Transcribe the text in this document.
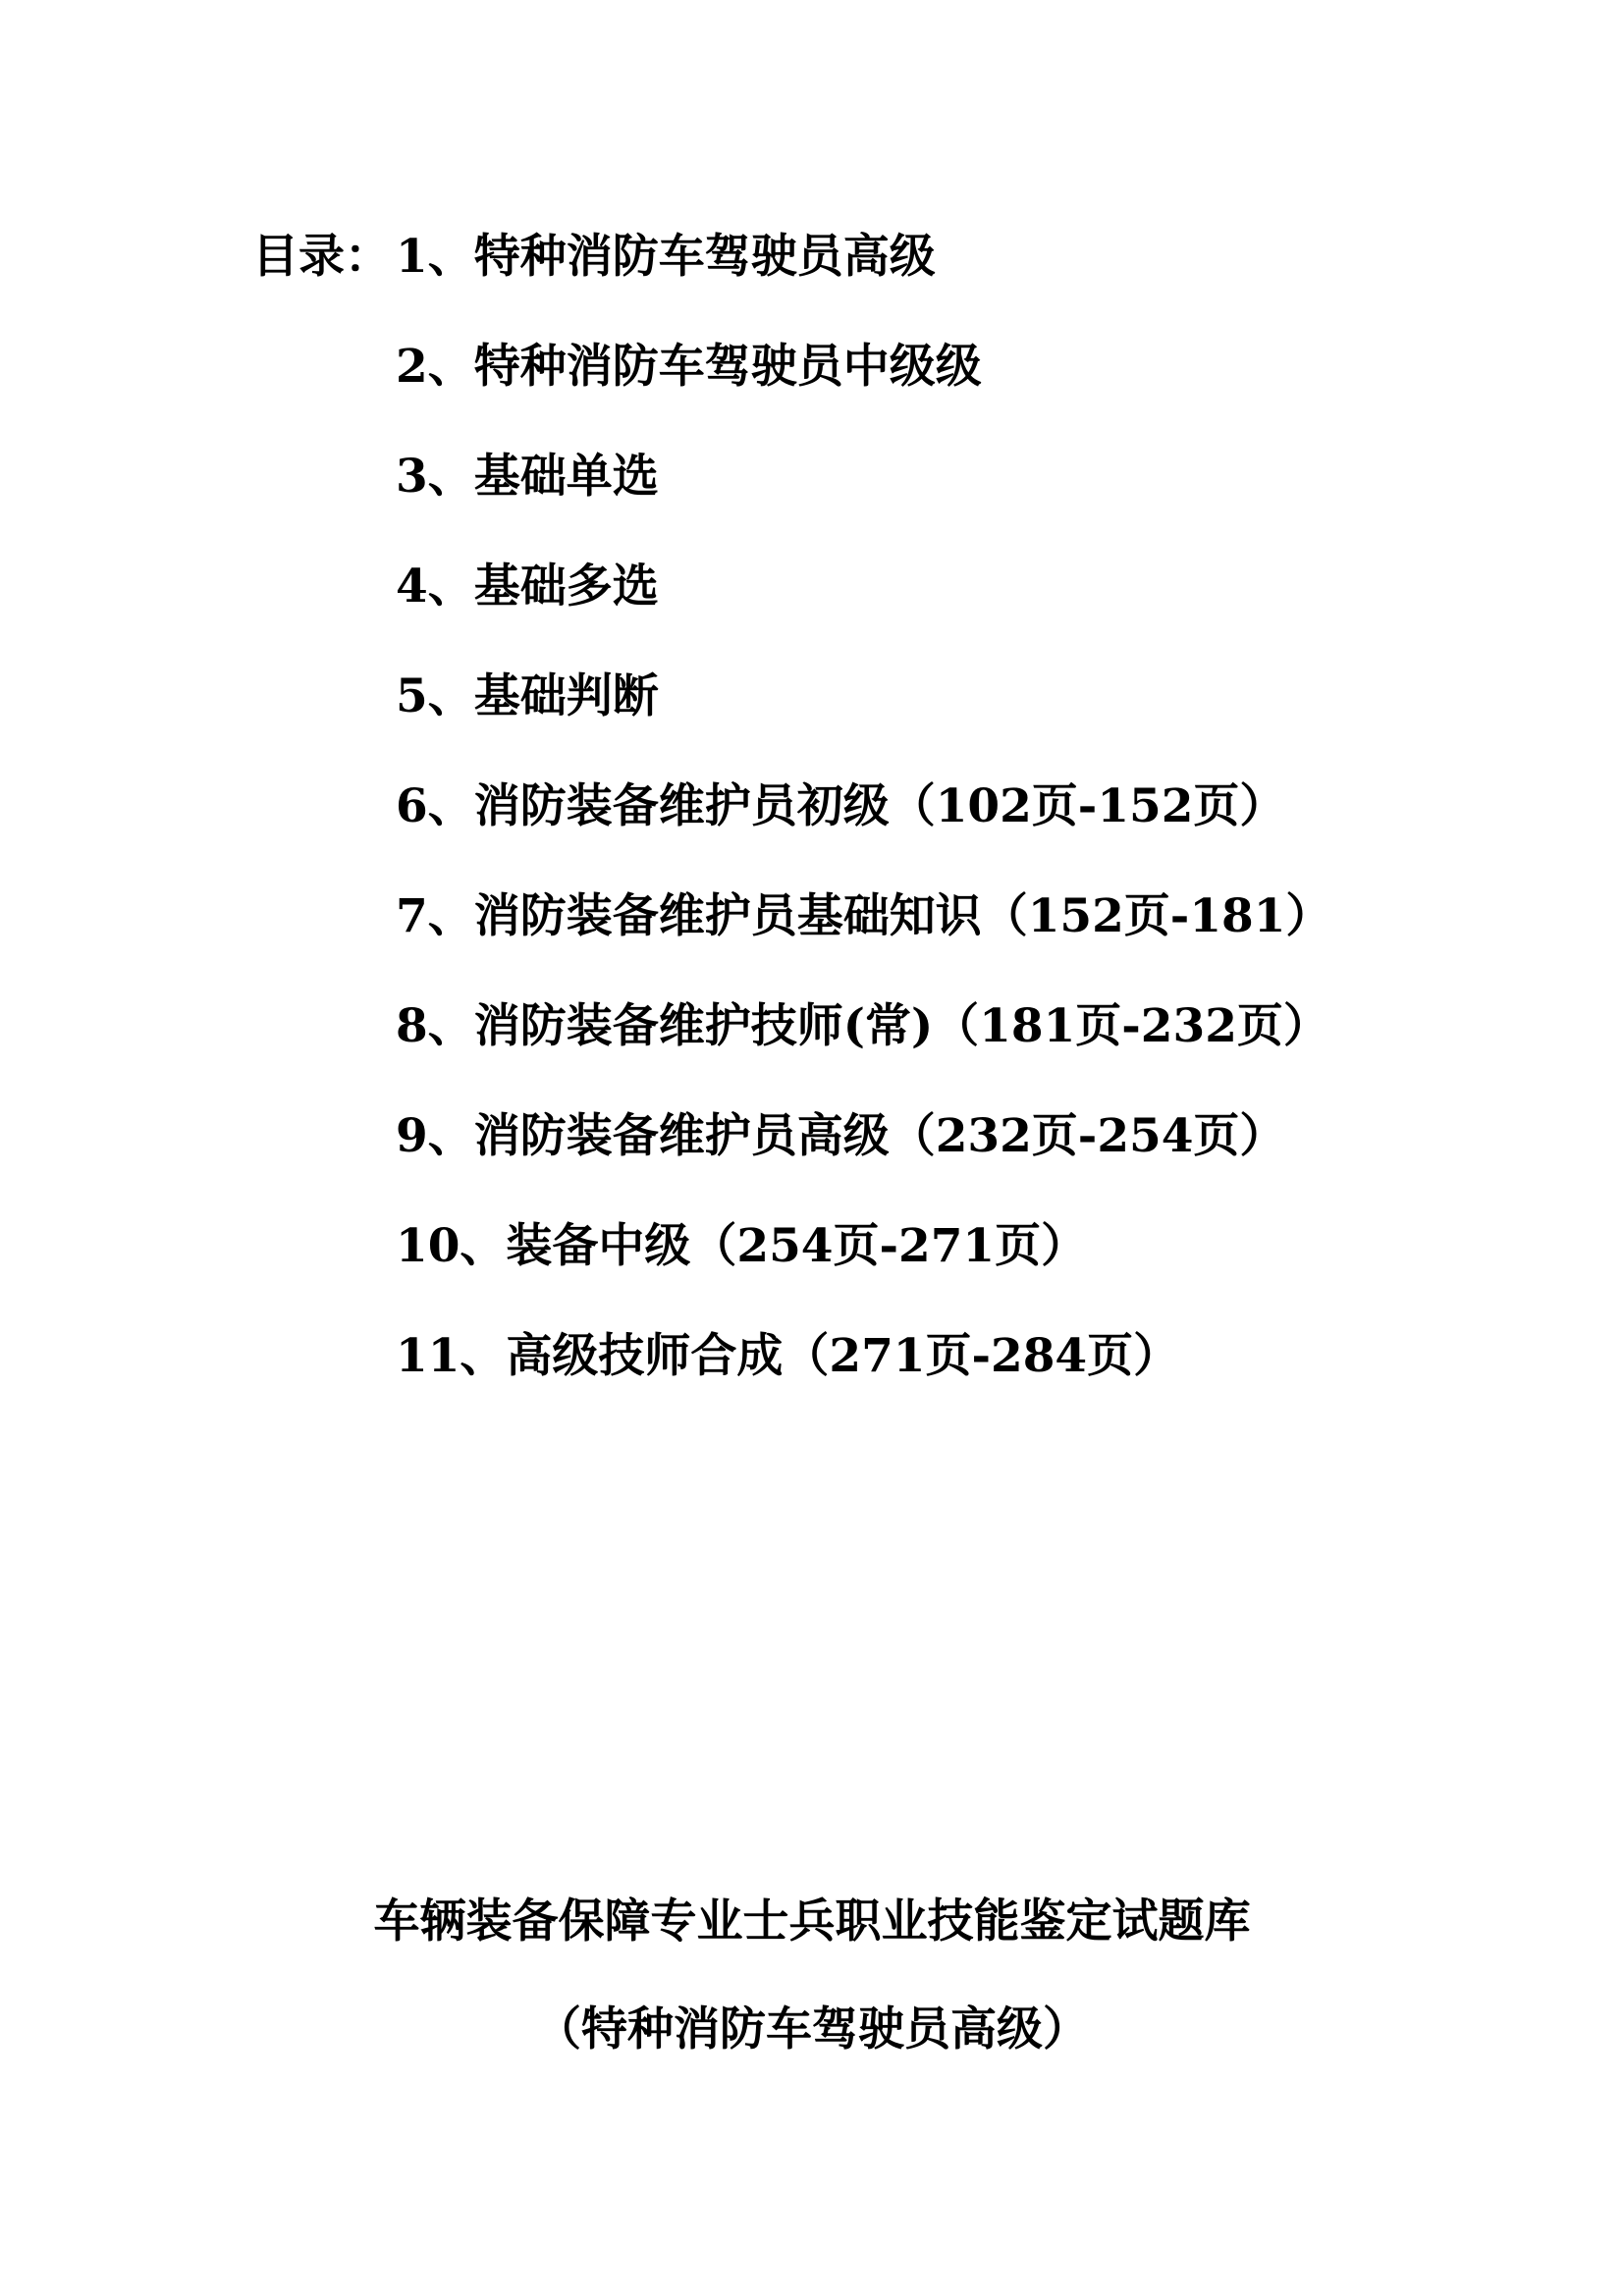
目录： 1、特种消防车驾驶员高级
2、特种消防车驾驶员中级级
3、基础单选
4、基础多选
5、基础判断
6、消防装备维护员初级（102页-152页）
7、消防装备维护员基础知识（152页-181）
8、消防装备维护技师(常)（181页-232页）
9、消防装备维护员高级（232页-254页）
10、装备中级（254页-271页）
11、高级技师合成（271页-284页）
车辆装备保障专业士兵职业技能鉴定试题库
（特种消防车驾驶员高级）
